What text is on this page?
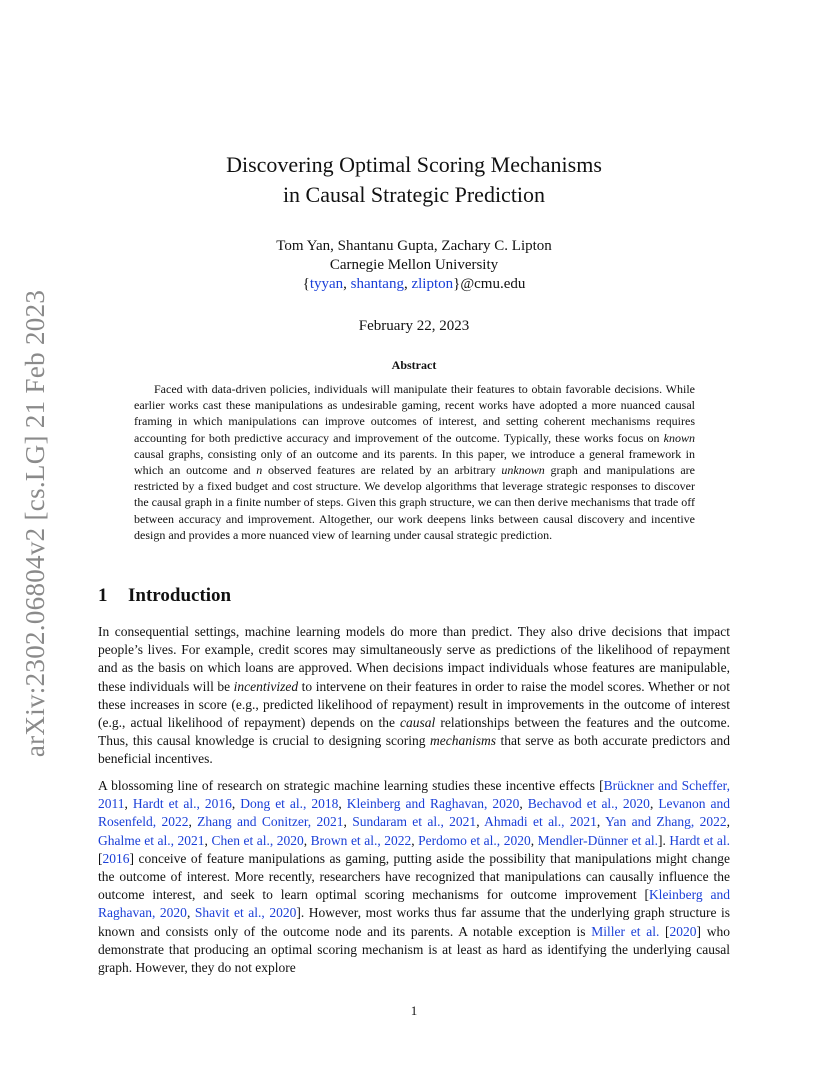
arXiv:2302.06804v2 [cs.LG] 21 Feb 2023
Discovering Optimal Scoring Mechanisms
in Causal Strategic Prediction
Tom Yan, Shantanu Gupta, Zachary C. Lipton
Carnegie Mellon University
{tyyan, shantang, zlipton}@cmu.edu
February 22, 2023
Abstract

Faced with data-driven policies, individuals will manipulate their features to obtain favorable decisions. While earlier works cast these manipulations as undesirable gaming, recent works have adopted a more nuanced causal framing in which manipulations can improve outcomes of interest, and setting coherent mechanisms requires accounting for both predictive accuracy and improvement of the outcome. Typically, these works focus on known causal graphs, consisting only of an outcome and its parents. In this paper, we introduce a general framework in which an outcome and n observed features are related by an arbitrary unknown graph and manipulations are restricted by a fixed budget and cost structure. We develop algorithms that leverage strategic responses to discover the causal graph in a finite number of steps. Given this graph structure, we can then derive mechanisms that trade off between accuracy and improvement. Altogether, our work deepens links between causal discovery and incentive design and provides a more nuanced view of learning under causal strategic prediction.

1 Introduction

In consequential settings, machine learning models do more than predict. They also drive decisions that impact people’s lives. For example, credit scores may simultaneously serve as predictions of the likelihood of repayment and as the basis on which loans are approved. When decisions impact individuals whose features are manipulable, these individuals will be incentivized to intervene on their features in order to raise the model scores. Whether or not these increases in score (e.g., predicted likelihood of repayment) result in improvements in the outcome of interest (e.g., actual likelihood of repayment) depends on the causal relationships between the features and the outcome. Thus, this causal knowledge is crucial to designing scoring mechanisms that serve as both accurate predictors and beneficial incentives.

A blossoming line of research on strategic machine learning studies these incentive effects [Brückner and Scheffer, 2011, Hardt et al., 2016, Dong et al., 2018, Kleinberg and Raghavan, 2020, Bechavod et al., 2020, Levanon and Rosenfeld, 2022, Zhang and Conitzer, 2021, Sundaram et al., 2021, Ahmadi et al., 2021, Yan and Zhang, 2022, Ghalme et al., 2021, Chen et al., 2020, Brown et al., 2022, Perdomo et al., 2020, Mendler-Dünner et al.]. Hardt et al. [2016] conceive of feature manipulations as gaming, putting aside the possibility that manipulations might change the outcome of interest. More recently, researchers have recognized that manipulations can causally influence the outcome interest, and seek to learn optimal scoring mechanisms for outcome improvement [Kleinberg and Raghavan, 2020, Shavit et al., 2020]. However, most works thus far assume that the underlying graph structure is known and consists only of the outcome node and its parents. A notable exception is Miller et al. [2020] who demonstrate that producing an optimal scoring mechanism is at least as hard as identifying the underlying causal graph. However, they do not explore

1
